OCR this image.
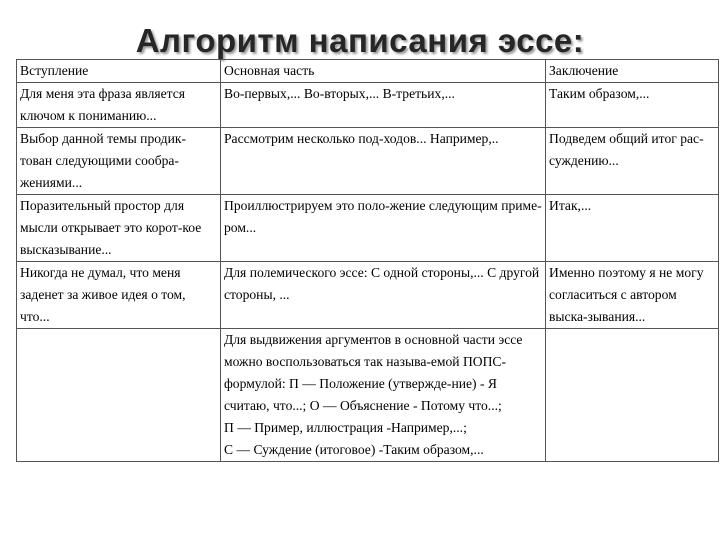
Алгоритм написания эссе:
Вступление	Основная часть	Заключение
Для меня эта фраза является ключом к пониманию...	Во-первых,... Во-вторых,... В-третьих,...	Таким образом,...
Выбор данной темы продик-тован следующими сообра-жениями...	Рассмотрим несколько под-ходов... Например,..	Подведем общий итог рас-суждению...
Поразительный простор для мысли открывает это корот-кое высказывание...	Проиллюстрируем это поло-жение следующим приме-ром...	Итак,...
Никогда не думал, что меня заденет за живое идея о том, что...	Для полемического эссе: С одной стороны,... С другой стороны, ...	Именно поэтому я не могу согласиться с автором выска-зывания...
	Для выдвижения аргументов в основной части эссе можно воспользоваться так называ-емой ПОПС-формулой: П — Положение (утвержде-ние) - Я считаю, что...; О — Объяснение - Потому что...;
П — Пример, иллюстрация -Например,...;
С — Суждение (итоговое) -Таким образом,...	
